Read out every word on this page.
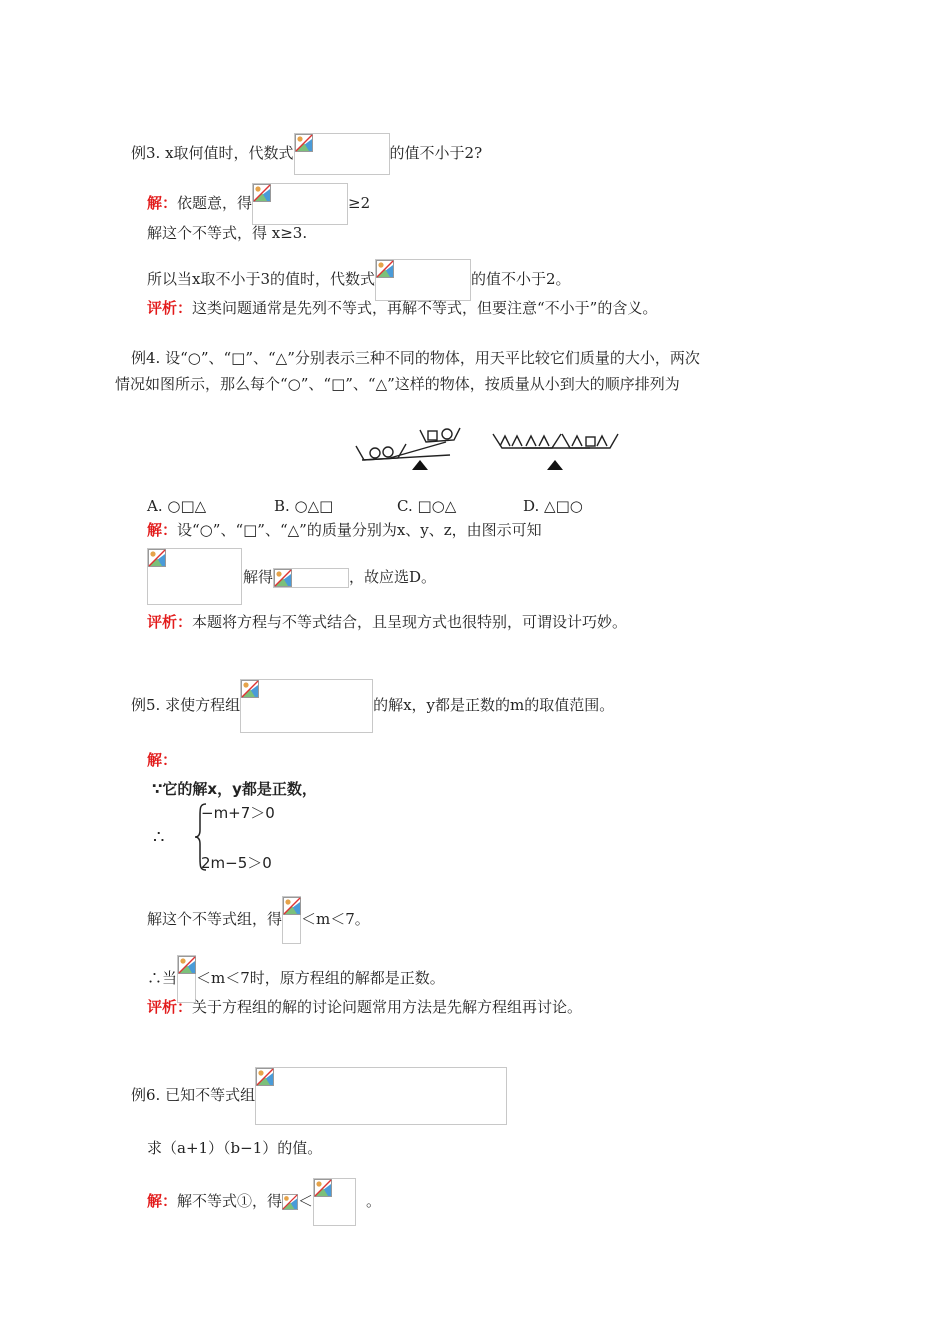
例3. x取何值时，代数式	的值不小于2?
解：依题意，得	≥2
解这个不等式，得 x≥3.
所以当x取不小于3的值时，代数式	的值不小于2。
评析：这类问题通常是先列不等式，再解不等式，但要注意“不小于”的含义。
例4. 设“○”、“□”、“△”分别表示三种不同的物体，用天平比较它们质量的大小，两次
情况如图所示，那么每个“○”、“□”、“△”这样的物体，按质量从小到大的顺序排列为
A. ○□△	B. ○△□	C. □○△	D. △□○
解：设“○”、“□”、“△”的质量分别为x、y、z，由图示可知
解得	，故应选D。
评析：本题将方程与不等式结合，且呈现方式也很特别，可谓设计巧妙。
例5. 求使方程组	的解x，y都是正数的m的取值范围。
解：
∵它的解x，y都是正数，
∴
−m+7＞0
2m−5＞0
解这个不等式组，得 ＜m＜7。
∴当 ＜m＜7时，原方程组的解都是正数。
评析：关于方程组的解的讨论问题常用方法是先解方程组再讨论。
例6. 已知不等式组
求（a+1）（b−1）的值。
解：解不等式①，得 ＜	。
